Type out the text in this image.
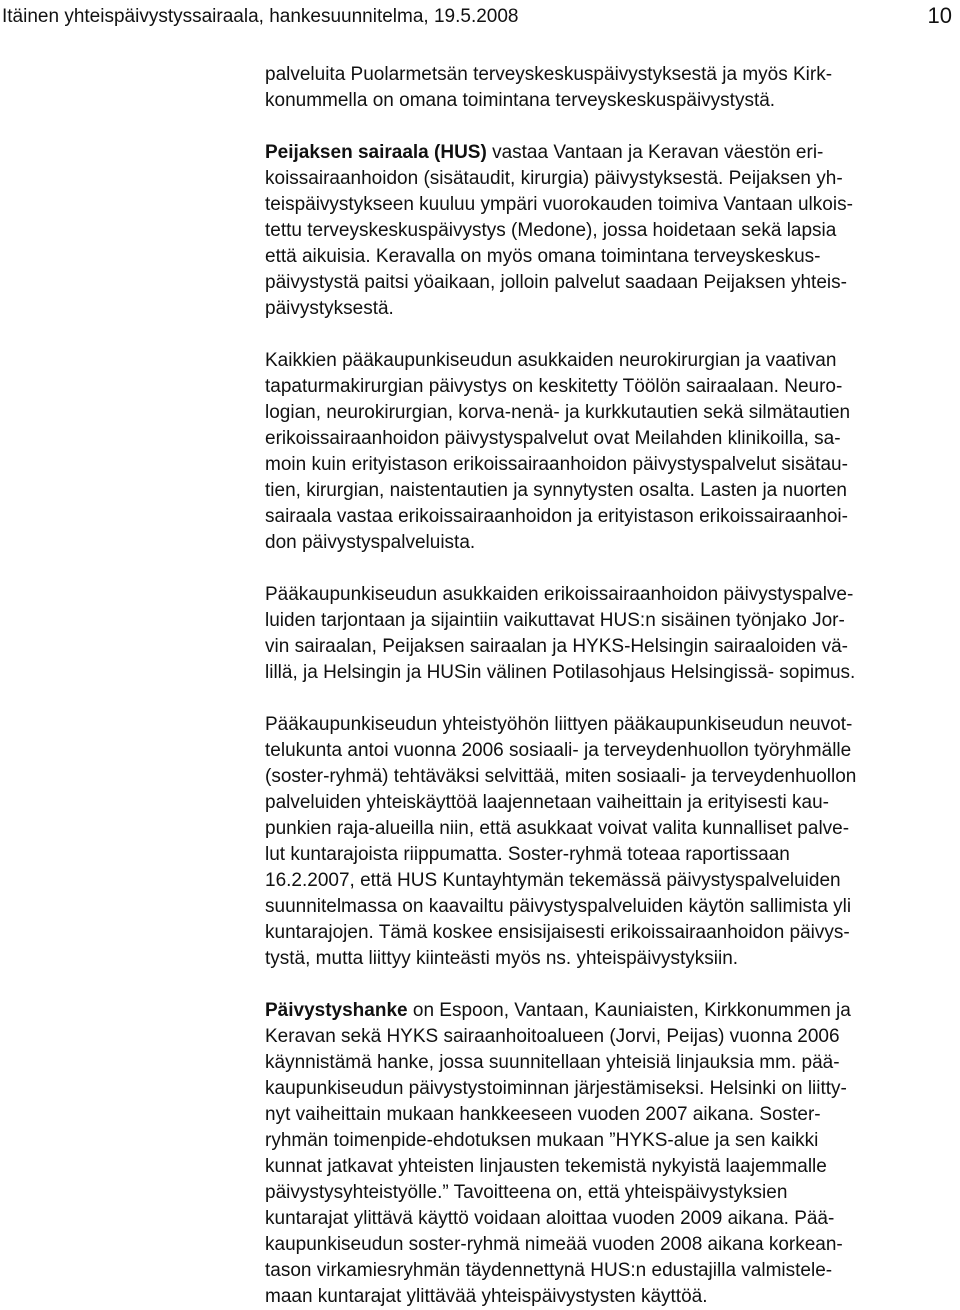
Itäinen yhteispäivystyssairaala, hankesuunnitelma, 19.5.2008	10
palveluita Puolarmetsän terveyskeskuspäivystyksestä ja myös Kirk-
konummella on omana toimintana terveyskeskuspäivystystä.
Peijaksen sairaala (HUS) vastaa Vantaan ja Keravan väestön eri-
koissairaanhoidon (sisätaudit, kirurgia) päivystyksestä. Peijaksen yh-
teispäivystykseen kuuluu ympäri vuorokauden toimiva Vantaan ulkois-
tettu terveyskeskuspäivystys (Medone), jossa hoidetaan sekä lapsia
että aikuisia. Keravalla on myös omana toimintana terveyskeskus-
päivystystä paitsi yöaikaan, jolloin palvelut saadaan Peijaksen yhteis-
päivystyksestä.
Kaikkien pääkaupunkiseudun asukkaiden neurokirurgian ja vaativan
tapaturmakirurgian päivystys on keskitetty Töölön sairaalaan. Neuro-
logian, neurokirurgian, korva-nenä- ja kurkkutautien sekä silmätautien
erikoissairaanhoidon päivystyspalvelut ovat Meilahden klinikoilla, sa-
moin kuin erityistason erikoissairaanhoidon päivystyspalvelut sisätau-
tien, kirurgian, naistentautien ja synnytysten osalta. Lasten ja nuorten
sairaala vastaa erikoissairaanhoidon ja erityistason erikoissairaanhoi-
don päivystyspalveluista.
Pääkaupunkiseudun asukkaiden erikoissairaanhoidon päivystyspalve-
luiden tarjontaan ja sijaintiin vaikuttavat HUS:n sisäinen työnjako Jor-
vin sairaalan, Peijaksen sairaalan ja HYKS-Helsingin sairaaloiden vä-
lillä, ja Helsingin ja HUSin välinen Potilasohjaus Helsingissä- sopimus.
Pääkaupunkiseudun yhteistyöhön liittyen pääkaupunkiseudun neuvot-
telukunta antoi vuonna 2006 sosiaali- ja terveydenhuollon työryhmälle
(soster-ryhmä) tehtäväksi selvittää, miten sosiaali- ja terveydenhuollon
palveluiden yhteiskäyttöä laajennetaan vaiheittain ja erityisesti kau-
punkien raja-alueilla niin, että asukkaat voivat valita kunnalliset palve-
lut kuntarajoista riippumatta. Soster-ryhmä toteaa raportissaan
16.2.2007, että HUS Kuntayhtymän tekemässä päivystyspalveluiden
suunnitelmassa on kaavailtu päivystyspalveluiden käytön sallimista yli
kuntarajojen. Tämä koskee ensisijaisesti erikoissairaanhoidon päivys-
tystä, mutta liittyy kiinteästi myös ns. yhteispäivystyksiin.
Päivystyshanke on Espoon, Vantaan, Kauniaisten, Kirkkonummen ja
Keravan sekä HYKS sairaanhoitoalueen (Jorvi, Peijas) vuonna 2006
käynnistämä hanke, jossa suunnitellaan yhteisiä linjauksia mm. pää-
kaupunkiseudun päivystystoiminnan järjestämiseksi. Helsinki on liitty-
nyt vaiheittain mukaan hankkeeseen vuoden 2007 aikana. Soster-
ryhmän toimenpide-ehdotuksen mukaan ”HYKS-alue ja sen kaikki
kunnat jatkavat yhteisten linjausten tekemistä nykyistä laajemmalle
päivystysyhteistyölle.” Tavoitteena on, että yhteispäivystyksien
kuntarajat ylittävä käyttö voidaan aloittaa vuoden 2009 aikana. Pää-
kaupunkiseudun soster-ryhmä nimeää vuoden 2008 aikana korkean-
tason virkamiesryhmän täydennettynä HUS:n edustajilla valmistele-
maan kuntarajat ylittävää yhteispäivystysten käyttöä.
